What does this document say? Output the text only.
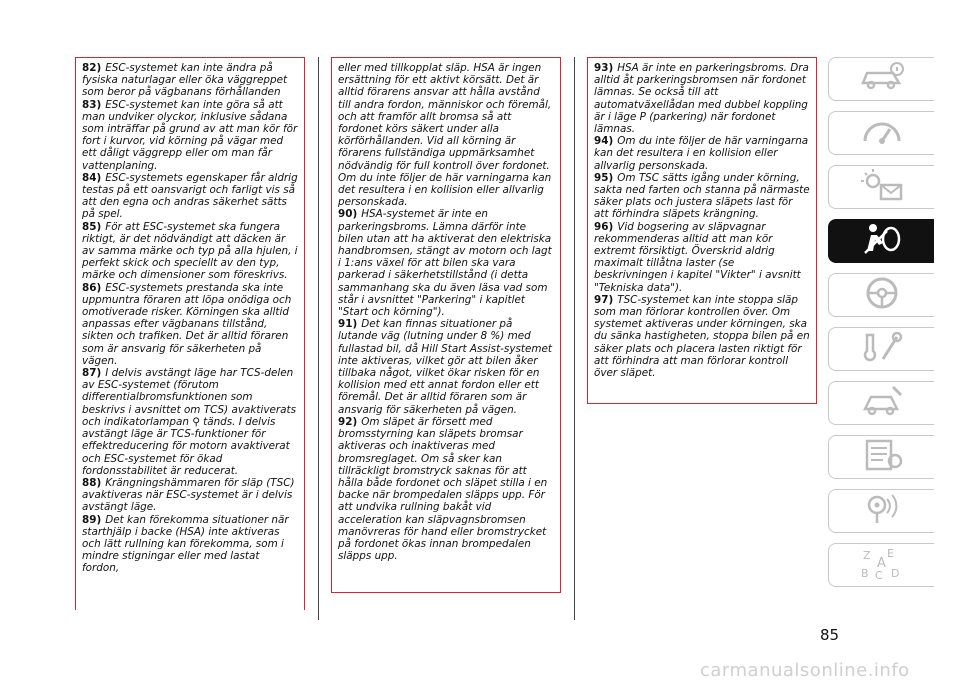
82) ESC-systemet kan inte ändra på fysiska naturlagar eller öka väggreppet som beror på vägbanans förhållanden

83) ESC-systemet kan inte göra så att man undviker olyckor, inklusive sådana som inträffar på grund av att man kör för fort i kurvor, vid körning på vägar med ett dåligt väggrepp eller om man får vattenplaning.

84) ESC-systemets egenskaper får aldrig testas på ett oansvarigt och farligt vis så att den egna och andras säkerhet sätts på spel.

85) För att ESC-systemet ska fungera riktigt, är det nödvändigt att däcken är av samma märke och typ på alla hjulen, i perfekt skick och speciellt av den typ, märke och dimensioner som föreskrivs.

86) ESC-systemets prestanda ska inte uppmuntra föraren att löpa onödiga och omotiverade risker. Körningen ska alltid anpassas efter vägbanans tillstånd, sikten och trafiken. Det är alltid föraren som är ansvarig för säkerheten på vägen.

87) I delvis avstängt läge har TCS-delen av ESC-systemet (förutom differentialbromsfunktionen som beskrivs i avsnittet om TCS) avaktiverats och indikatorlampan ⚲ tänds. I delvis avstängt läge är TCS-funktioner för effektreducering för motorn avaktiverat och ESC-systemet för ökad fordonsstabilitet är reducerat.

88) Krängningshämmaren för släp (TSC) avaktiveras när ESC-systemet är i delvis avstängt läge.

89) Det kan förekomma situationer när starthjälp i backe (HSA) inte aktiveras och lätt rullning kan förekomma, som i mindre stigningar eller med lastat fordon,

eller med tillkopplat släp. HSA är ingen ersättning för ett aktivt körsätt. Det är alltid förarens ansvar att hålla avstånd till andra fordon, människor och föremål, och att framför allt bromsa så att fordonet körs säkert under alla körförhållanden. Vid all körning är förarens fullständiga uppmärksamhet nödvändig för full kontroll över fordonet. Om du inte följer de här varningarna kan det resultera i en kollision eller allvarlig personskada.

90) HSA-systemet är inte en parkeringsbroms. Lämna därför inte bilen utan att ha aktiverat den elektriska handbromsen, stängt av motorn och lagt i 1:ans växel för att bilen ska vara parkerad i säkerhetstillstånd (i detta sammanhang ska du även läsa vad som står i avsnittet "Parkering" i kapitlet "Start och körning").

91) Det kan finnas situationer på lutande väg (lutning under 8 %) med fullastad bil, då Hill Start Assist-systemet inte aktiveras, vilket gör att bilen åker tillbaka något, vilket ökar risken för en kollision med ett annat fordon eller ett föremål. Det är alltid föraren som är ansvarig för säkerheten på vägen.

92) Om släpet är försett med bromsstyrning kan släpets bromsar aktiveras och inaktiveras med bromsreglaget. Om så sker kan tillräckligt bromstryck saknas för att hålla både fordonet och släpet stilla i en backe när brompedalen släpps upp. För att undvika rullning bakåt vid acceleration kan släpvagnsbromsen manövreras för hand eller bromstrycket på fordonet ökas innan brompedalen släpps upp.

93) HSA är inte en parkeringsbroms. Dra alltid åt parkeringsbromsen när fordonet lämnas. Se också till att automatväxellådan med dubbel koppling är i läge P (parkering) när fordonet lämnas.

94) Om du inte följer de här varningarna kan det resultera i en kollision eller allvarlig personskada.

95) Om TSC sätts igång under körning, sakta ned farten och stanna på närmaste säker plats och justera släpets last för att förhindra släpets krängning.

96) Vid bogsering av släpvagnar rekommenderas alltid att man kör extremt försiktigt. Överskrid aldrig maximalt tillåtna laster (se beskrivningen i kapitel "Vikter" i avsnitt "Tekniska data").

97) TSC-systemet kan inte stoppa släp som man förlorar kontrollen över. Om systemet aktiveras under körningen, ska du sänka hastigheten, stoppa bilen på en säker plats och placera lasten riktigt för att förhindra att man förlorar kontroll över släpet.

Z E
A
B C D
85
carmanualsonline.info
